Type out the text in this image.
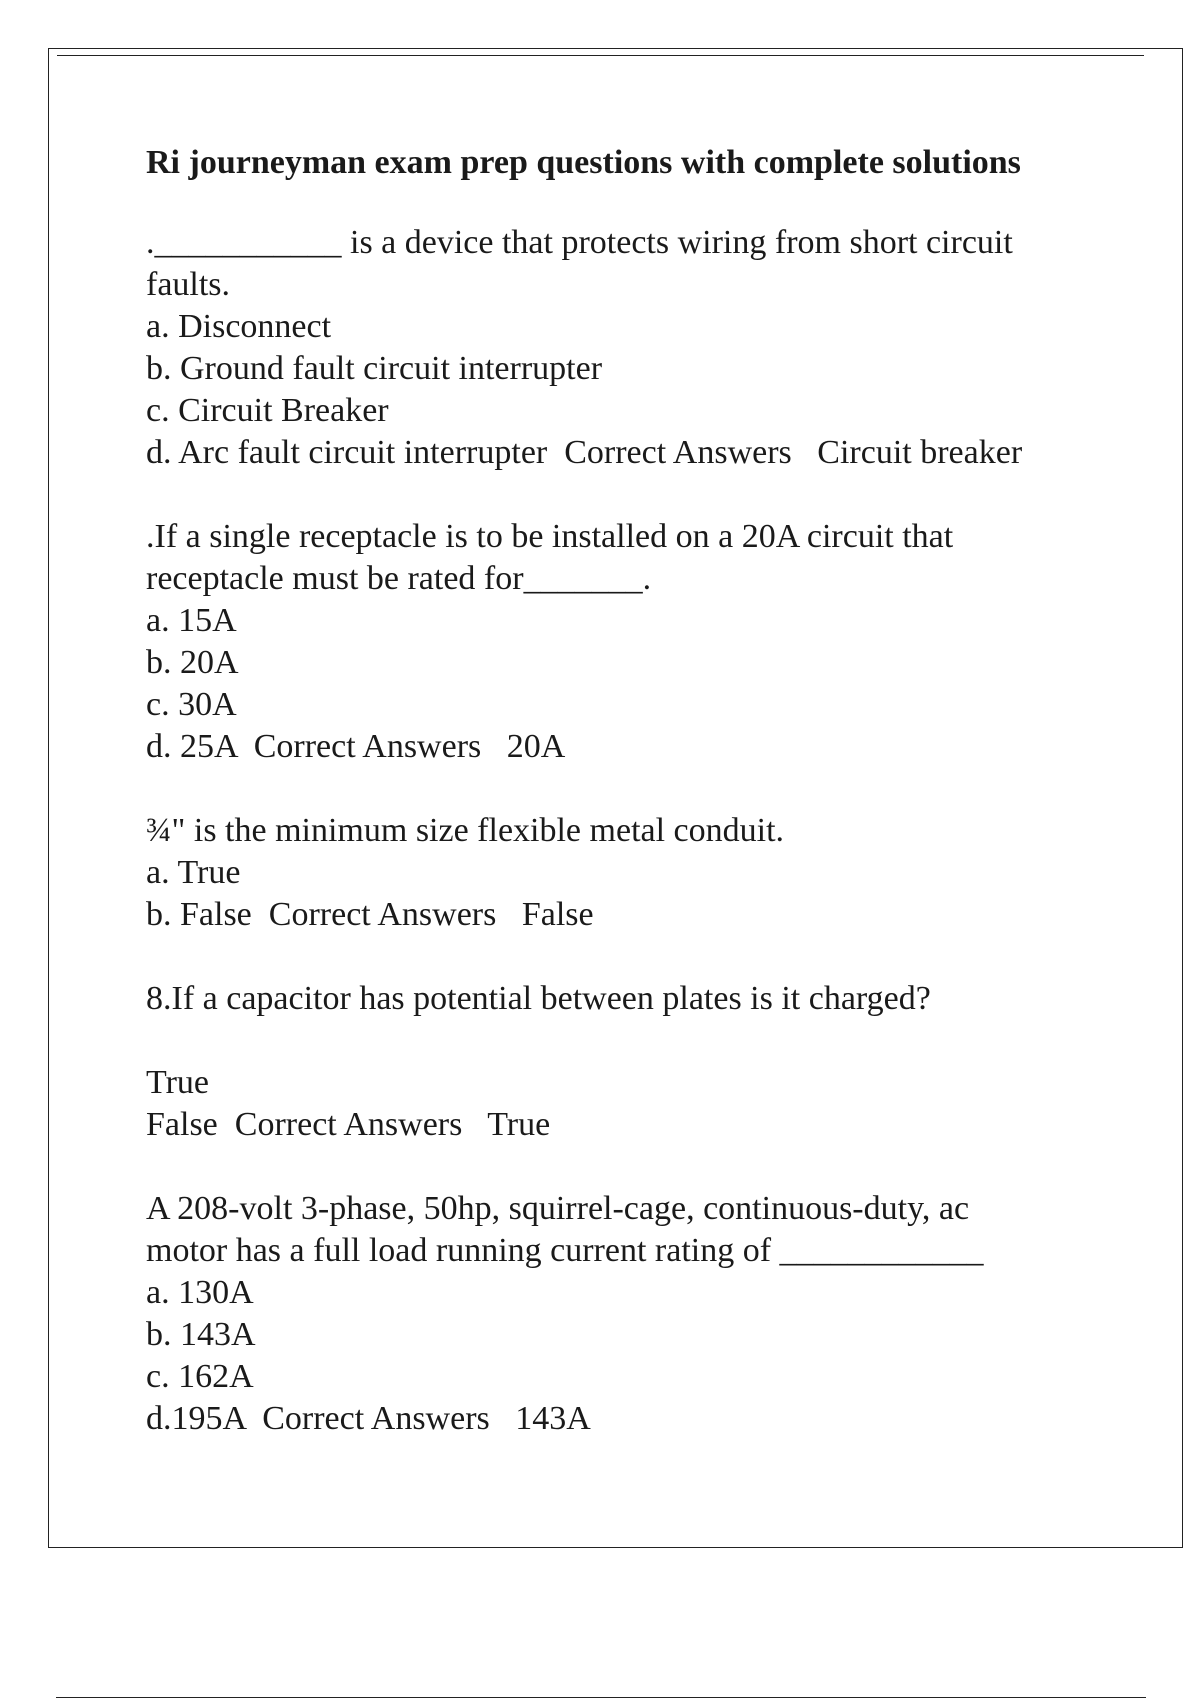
Ri journeyman exam prep questions with complete solutions

.___________ is a device that protects wiring from short circuit

faults.

a. Disconnect

b. Ground fault circuit interrupter

c. Circuit Breaker

d. Arc fault circuit interrupter Correct Answers Circuit breaker

.If a single receptacle is to be installed on a 20A circuit that

receptacle must be rated for_______.

a. 15A

b. 20A

c. 30A

d. 25A Correct Answers 20A

¾" is the minimum size flexible metal conduit.

a. True

b. False Correct Answers False

8.If a capacitor has potential between plates is it charged?

True

False Correct Answers True

A 208-volt 3-phase, 50hp, squirrel-cage, continuous-duty, ac

motor has a full load running current rating of ____________

a. 130A

b. 143A

c. 162A

d.195A Correct Answers 143A
